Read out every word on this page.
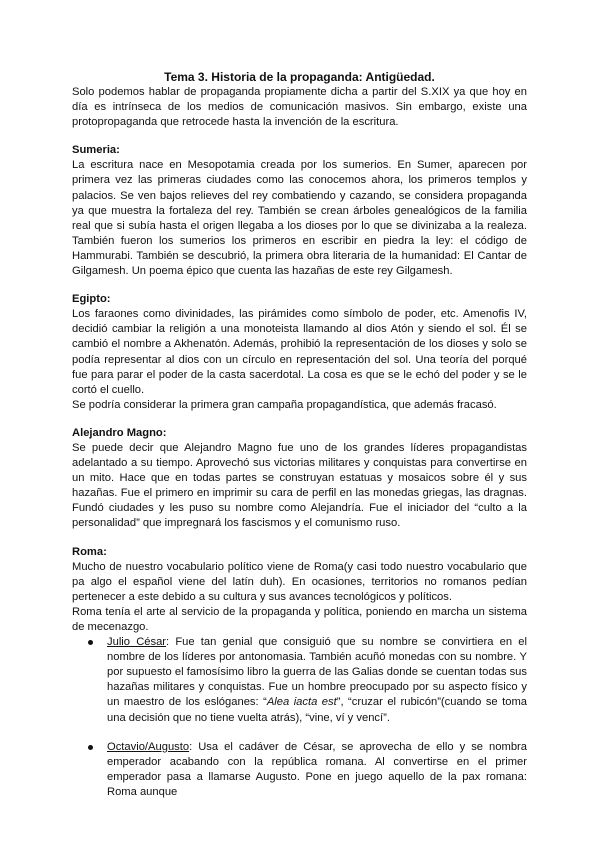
Tema 3. Historia de la propaganda: Antigüedad.

Solo podemos hablar de propaganda propiamente dicha a partir del S.XIX ya que hoy en día es intrínseca de los medios de comunicación masivos. Sin embargo, existe una protopropaganda que retrocede hasta la invención de la escritura.

Sumeria:

La escritura nace en Mesopotamia creada por los sumerios. En Sumer, aparecen por primera vez las primeras ciudades como las conocemos ahora, los primeros templos y palacios. Se ven bajos relieves del rey combatiendo y cazando, se considera propaganda ya que muestra la fortaleza del rey. También se crean árboles genealógicos de la familia real que si subía hasta el origen llegaba a los dioses por lo que se divinizaba a la realeza. También fueron los sumerios los primeros en escribir en piedra la ley: el código de Hammurabi. También se descubrió, la primera obra literaria de la humanidad: El Cantar de Gilgamesh. Un poema épico que cuenta las hazañas de este rey Gilgamesh.

Egipto:

Los faraones como divinidades, las pirámides como símbolo de poder, etc. Amenofis IV, decidió cambiar la religión a una monoteista llamando al dios Atón y siendo el sol. Él se cambió el nombre a Akhenatón. Además, prohibió la representación de los dioses y solo se podía representar al dios con un círculo en representación del sol. Una teoría del porqué fue para parar el poder de la casta sacerdotal. La cosa es que se le echó del poder y se le cortó el cuello.

Se podría considerar la primera gran campaña propagandística, que además fracasó.

Alejandro Magno:

Se puede decir que Alejandro Magno fue uno de los grandes líderes propagandistas adelantado a su tiempo. Aprovechó sus victorias militares y conquistas para convertirse en un mito. Hace que en todas partes se construyan estatuas y mosaicos sobre él y sus hazañas. Fue el primero en imprimir su cara de perfil en las monedas griegas, las dragnas. Fundó ciudades y les puso su nombre como Alejandría. Fue el iniciador del “culto a la personalidad” que impregnará los fascismos y el comunismo ruso.

Roma:

Mucho de nuestro vocabulario político viene de Roma(y casi todo nuestro vocabulario que pa algo el español viene del latín duh). En ocasiones, territorios no romanos pedían pertenecer a este debido a su cultura y sus avances tecnológicos y políticos.

Roma tenía el arte al servicio de la propaganda y política, poniendo en marcha un sistema de mecenazgo.

Julio César: Fue tan genial que consiguió que su nombre se convirtiera en el nombre de los líderes por antonomasia. También acuñó monedas con su nombre. Y por supuesto el famosísimo libro la guerra de las Galias donde se cuentan todas sus hazañas militares y conquistas. Fue un hombre preocupado por su aspecto físico y un maestro de los eslóganes: “Alea iacta est”, “cruzar el rubicón”(cuando se toma una decisión que no tiene vuelta atrás), “vine, ví y vencí”.
Octavio/Augusto: Usa el cadáver de César, se aprovecha de ello y se nombra emperador acabando con la república romana. Al convertirse en el primer emperador pasa a llamarse Augusto. Pone en juego aquello de la pax romana: Roma aunque
